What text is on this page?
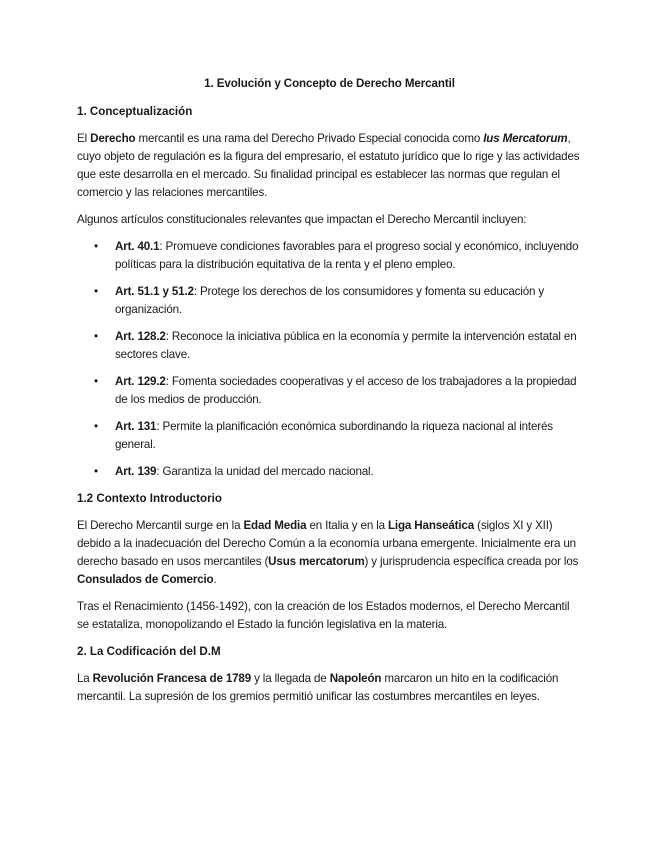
1. Evolución y Concepto de Derecho Mercantil
1. Conceptualización

El Derecho mercantil es una rama del Derecho Privado Especial conocida como Ius Mercatorum, cuyo objeto de regulación es la figura del empresario, el estatuto jurídico que lo rige y las actividades que este desarrolla en el mercado. Su finalidad principal es establecer las normas que regulan el comercio y las relaciones mercantiles.

Algunos artículos constitucionales relevantes que impactan el Derecho Mercantil incluyen:

• Art. 40.1: Promueve condiciones favorables para el progreso social y económico, incluyendo políticas para la distribución equitativa de la renta y el pleno empleo.
• Art. 51.1 y 51.2: Protege los derechos de los consumidores y fomenta su educación y organización.
• Art. 128.2: Reconoce la iniciativa pública en la economía y permite la intervención estatal en sectores clave.
• Art. 129.2: Fomenta sociedades cooperativas y el acceso de los trabajadores a la propiedad de los medios de producción.
• Art. 131: Permite la planificación económica subordinando la riqueza nacional al interés general.
• Art. 139: Garantiza la unidad del mercado nacional.
1.2 Contexto Introductorio

El Derecho Mercantil surge en la Edad Media en Italia y en la Liga Hanseática (siglos XI y XII) debido a la inadecuación del Derecho Común a la economía urbana emergente. Inicialmente era un derecho basado en usos mercantiles (Usus mercatorum) y jurisprudencia específica creada por los Consulados de Comercio.

Tras el Renacimiento (1456-1492), con la creación de los Estados modernos, el Derecho Mercantil se estataliza, monopolizando el Estado la función legislativa en la materia.

2. La Codificación del D.M

La Revolución Francesa de 1789 y la llegada de Napoleón marcaron un hito en la codificación mercantil. La supresión de los gremios permitió unificar las costumbres mercantiles en leyes.
